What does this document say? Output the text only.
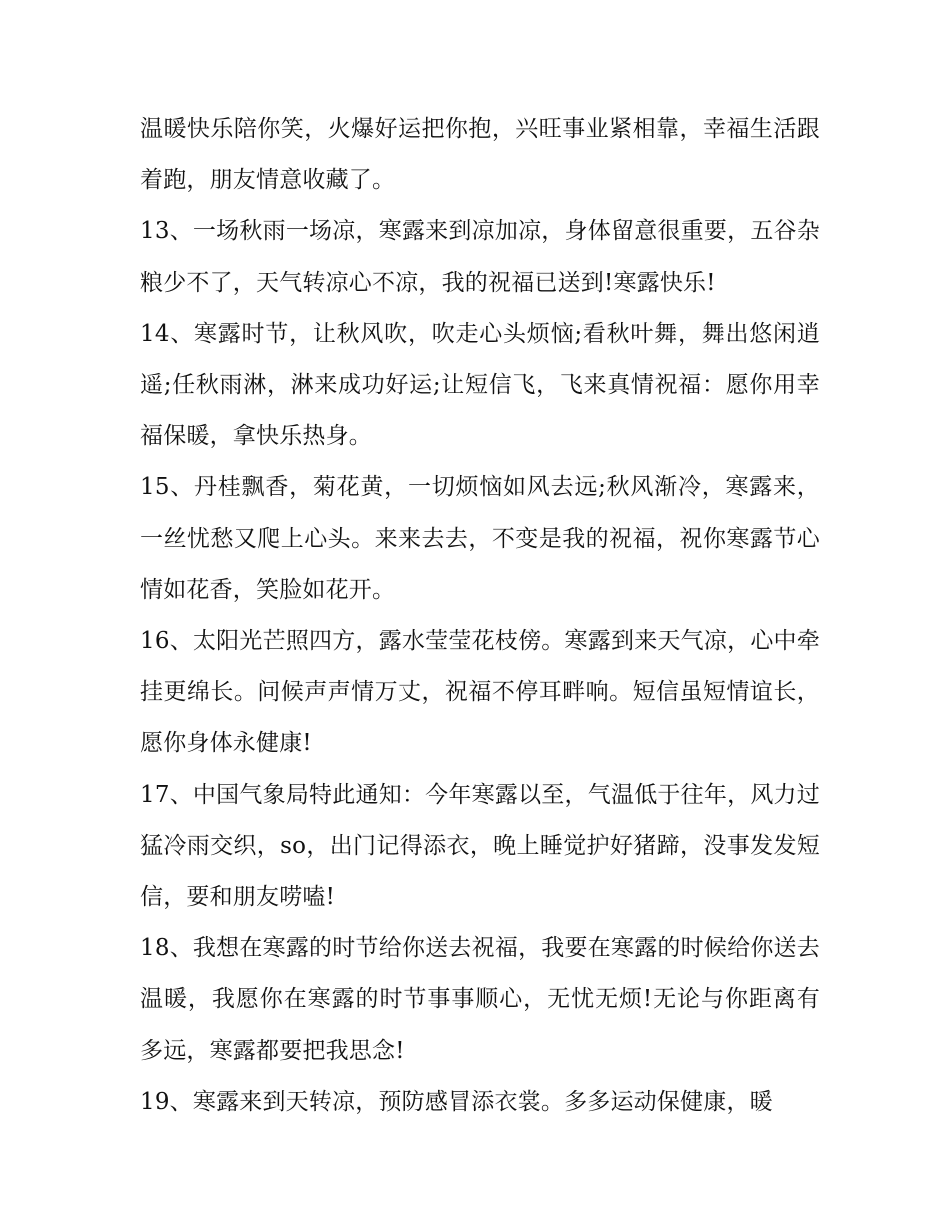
温暖快乐陪你笑，火爆好运把你抱，兴旺事业紧相靠，幸福生活跟着跑，朋友情意收藏了。

13、一场秋雨一场凉，寒露来到凉加凉，身体留意很重要，五谷杂粮少不了，天气转凉心不凉，我的祝福已送到!寒露快乐!

14、寒露时节，让秋风吹，吹走心头烦恼;看秋叶舞，舞出悠闲逍遥;任秋雨淋，淋来成功好运;让短信飞，飞来真情祝福：愿你用幸福保暖，拿快乐热身。

15、丹桂飘香，菊花黄，一切烦恼如风去远;秋风渐冷，寒露来，一丝忧愁又爬上心头。来来去去，不变是我的祝福，祝你寒露节心情如花香，笑脸如花开。

16、太阳光芒照四方，露水莹莹花枝傍。寒露到来天气凉，心中牵挂更绵长。问候声声情万丈，祝福不停耳畔响。短信虽短情谊长，愿你身体永健康!

17、中国气象局特此通知：今年寒露以至，气温低于往年，风力过猛冷雨交织，so，出门记得添衣，晚上睡觉护好猪蹄，没事发发短信，要和朋友唠嗑!

18、我想在寒露的时节给你送去祝福，我要在寒露的时候给你送去温暖，我愿你在寒露的时节事事顺心，无忧无烦!无论与你距离有多远，寒露都要把我思念!

19、寒露来到天转凉，预防感冒添衣裳。多多运动保健康，暖
